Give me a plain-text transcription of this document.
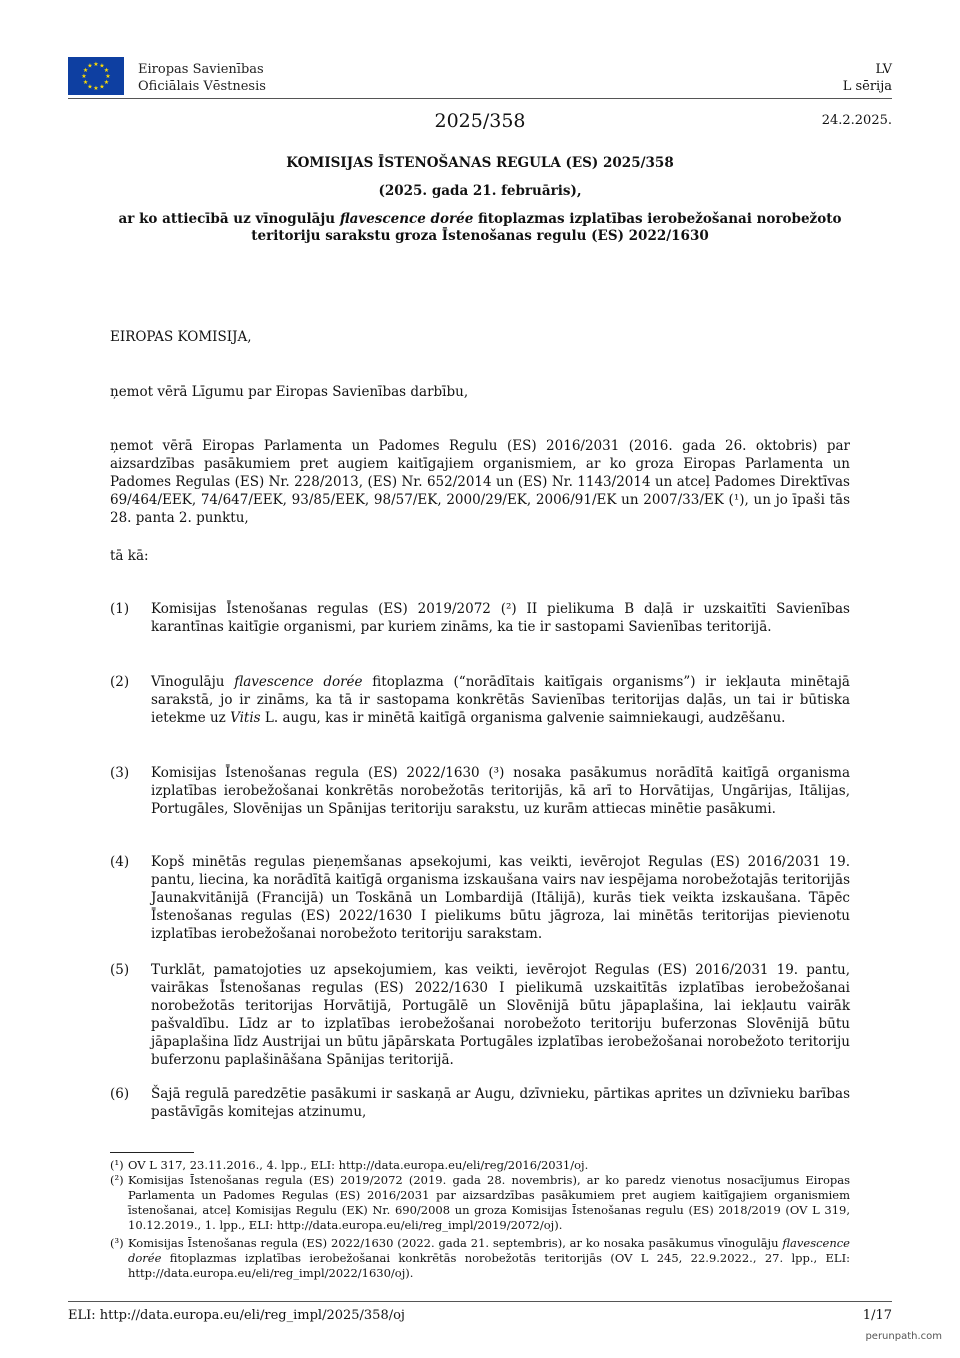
★ ★
★
★
★
★
★
★
★
★
★
★	Eiropas Savienības
Oficiālais Vēstnesis
LV
L sērija
2025/358	24.2.2025.
KOMISIJAS ĪSTENOŠANAS REGULA (ES) 2025/358
(2025. gada 21. februāris),
ar ko attiecībā uz vīnogulāju flavescence dorée fitoplazmas izplatības ierobežošanai norobežoto
teritoriju sarakstu groza Īstenošanas regulu (ES) 2022/1630
EIROPAS KOMISIJA,
ņemot vērā Līgumu par Eiropas Savienības darbību,
ņemot vērā Eiropas Parlamenta un Padomes Regulu (ES) 2016/2031 (2016. gada 26. oktobris) par aizsardzības pasākumiem pret augiem kaitīgajiem organismiem, ar ko groza Eiropas Parlamenta un Padomes Regulas (ES) Nr. 228/2013, (ES) Nr. 652/2014 un (ES) Nr. 1143/2014 un atceļ Padomes Direktīvas 69/464/EEK, 74/647/EEK, 93/85/EEK, 98/57/EK, 2000/29/EK, 2006/91/EK un 2007/33/EK (¹), un jo īpaši tās 28. panta 2. punktu,
tā kā:
(1) Komisijas Īstenošanas regulas (ES) 2019/2072 (²) II pielikuma B daļā ir uzskaitīti Savienības karantīnas kaitīgie organismi, par kuriem zināms, ka tie ir sastopami Savienības teritorijā.
(2) Vīnogulāju flavescence dorée fitoplazma (“norādītais kaitīgais organisms”) ir iekļauta minētajā sarakstā, jo ir zināms, ka tā ir sastopama konkrētās Savienības teritorijas daļās, un tai ir būtiska ietekme uz Vitis L. augu, kas ir minētā kaitīgā organisma galvenie saimniekaugi, audzēšanu.
(3) Komisijas Īstenošanas regula (ES) 2022/1630 (³) nosaka pasākumus norādītā kaitīgā organisma izplatības ierobežošanai konkrētās norobežotās teritorijās, kā arī to Horvātijas, Ungārijas, Itālijas, Portugāles, Slovēnijas un Spānijas teritoriju sarakstu, uz kurām attiecas minētie pasākumi.
(4) Kopš minētās regulas pieņemšanas apsekojumi, kas veikti, ievērojot Regulas (ES) 2016/2031 19. pantu, liecina, ka norādītā kaitīgā organisma izskaušana vairs nav iespējama norobežotajās teritorijās Jaunakvitānijā (Francijā) un Toskānā un Lombardijā (Itālijā), kurās tiek veikta izskaušana. Tāpēc Īstenošanas regulas (ES) 2022/1630 I pielikums būtu jāgroza, lai minētās teritorijas pievienotu izplatības ierobežošanai norobežoto teritoriju sarakstam.
(5) Turklāt, pamatojoties uz apsekojumiem, kas veikti, ievērojot Regulas (ES) 2016/2031 19. pantu, vairākas Īstenošanas regulas (ES) 2022/1630 I pielikumā uzskaitītās izplatības ierobežošanai norobežotās teritorijas Horvātijā, Portugālē un Slovēnijā būtu jāpaplašina, lai iekļautu vairāk pašvaldību. Līdz ar to izplatības ierobežošanai norobežoto teritoriju buferzonas Slovēnijā būtu jāpaplašina līdz Austrijai un būtu jāpārskata Portugāles izplatības ierobežošanai norobežoto teritoriju buferzonu paplašināšana Spānijas teritorijā.
(6) Šajā regulā paredzētie pasākumi ir saskaņā ar Augu, dzīvnieku, pārtikas aprites un dzīvnieku barības pastāvīgās komitejas atzinumu,
(¹) OV L 317, 23.11.2016., 4. lpp., ELI: http://data.europa.eu/eli/reg/2016/2031/oj.
(²) Komisijas Īstenošanas regula (ES) 2019/2072 (2019. gada 28. novembris), ar ko paredz vienotus nosacījumus Eiropas Parlamenta un Padomes Regulas (ES) 2016/2031 par aizsardzības pasākumiem pret augiem kaitīgajiem organismiem īstenošanai, atceļ Komisijas Regulu (EK) Nr. 690/2008 un groza Komisijas Īstenošanas regulu (ES) 2018/2019 (OV L 319, 10.12.2019., 1. lpp., ELI: http://data.europa.eu/eli/reg_impl/2019/2072/oj).
(³) Komisijas Īstenošanas regula (ES) 2022/1630 (2022. gada 21. septembris), ar ko nosaka pasākumus vīnogulāju flavescence dorée fitoplazmas izplatības ierobežošanai konkrētās norobežotās teritorijās (OV L 245, 22.9.2022., 27. lpp., ELI: http://data.europa.eu/eli/reg_impl/2022/1630/oj).
ELI: http://data.europa.eu/eli/reg_impl/2025/358/oj	1/17
perunpath.com
